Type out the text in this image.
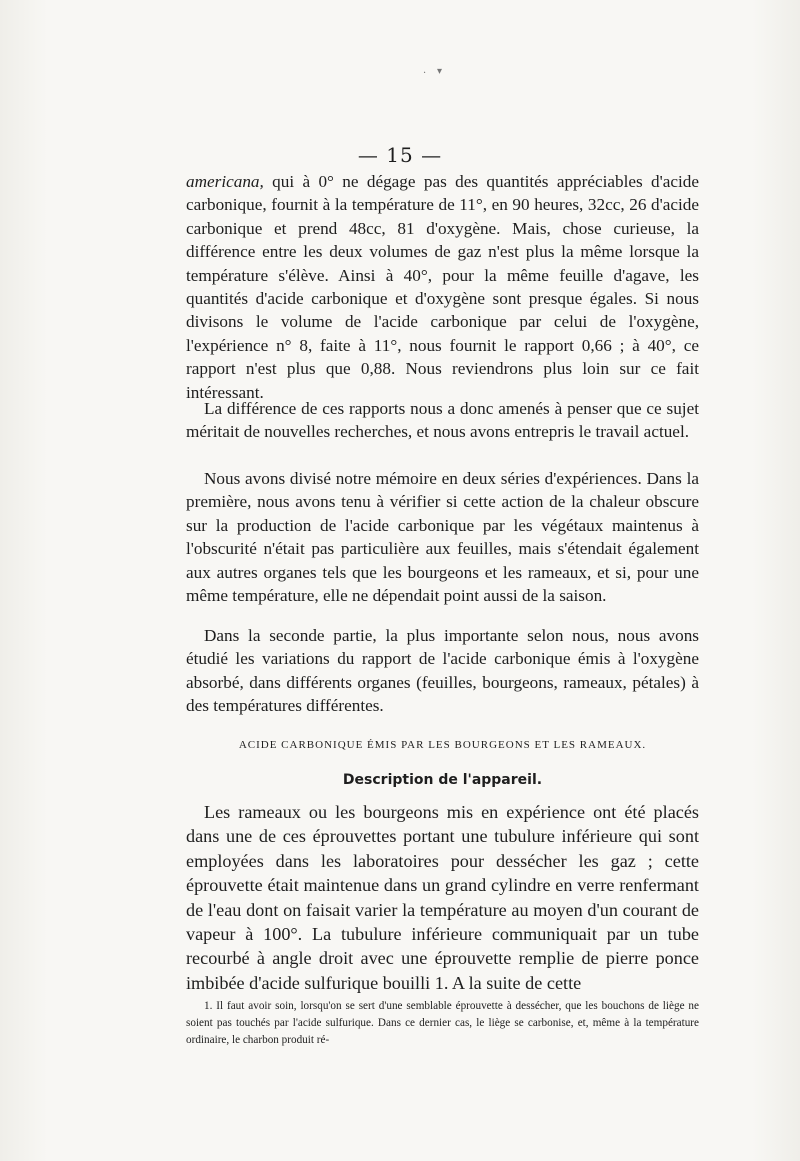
· ▾
— 15 —
americana, qui à 0° ne dégage pas des quantités appréciables d'acide carbonique, fournit à la température de 11°, en 90 heures, 32cc, 26 d'acide carbonique et prend 48cc, 81 d'oxygène. Mais, chose curieuse, la différence entre les deux volumes de gaz n'est plus la même lorsque la température s'élève. Ainsi à 40°, pour la même feuille d'agave, les quantités d'acide carbonique et d'oxygène sont presque égales. Si nous divisons le volume de l'acide carbonique par celui de l'oxygène, l'expérience n° 8, faite à 11°, nous fournit le rapport 0,66 ; à 40°, ce rapport n'est plus que 0,88. Nous reviendrons plus loin sur ce fait intéressant.
La différence de ces rapports nous a donc amenés à penser que ce sujet méritait de nouvelles recherches, et nous avons entrepris le travail actuel.
Nous avons divisé notre mémoire en deux séries d'expériences. Dans la première, nous avons tenu à vérifier si cette action de la chaleur obscure sur la production de l'acide carbonique par les végétaux maintenus à l'obscurité n'était pas particulière aux feuilles, mais s'étendait également aux autres organes tels que les bourgeons et les rameaux, et si, pour une même température, elle ne dépendait point aussi de la saison.
Dans la seconde partie, la plus importante selon nous, nous avons étudié les variations du rapport de l'acide carbonique émis à l'oxygène absorbé, dans différents organes (feuilles, bourgeons, rameaux, pétales) à des températures différentes.
ACIDE CARBONIQUE ÉMIS PAR LES BOURGEONS ET LES RAMEAUX.
Description de l'appareil.
Les rameaux ou les bourgeons mis en expérience ont été placés dans une de ces éprouvettes portant une tubulure inférieure qui sont employées dans les laboratoires pour dessécher les gaz ; cette éprouvette était maintenue dans un grand cylindre en verre renfermant de l'eau dont on faisait varier la température au moyen d'un courant de vapeur à 100°. La tubulure inférieure communiquait par un tube recourbé à angle droit avec une éprouvette remplie de pierre ponce imbibée d'acide sulfurique bouilli 1. A la suite de cette
1. Il faut avoir soin, lorsqu'on se sert d'une semblable éprouvette à dessécher, que les bouchons de liège ne soient pas touchés par l'acide sulfurique. Dans ce dernier cas, le liège se carbonise, et, même à la température ordinaire, le charbon produit ré-
